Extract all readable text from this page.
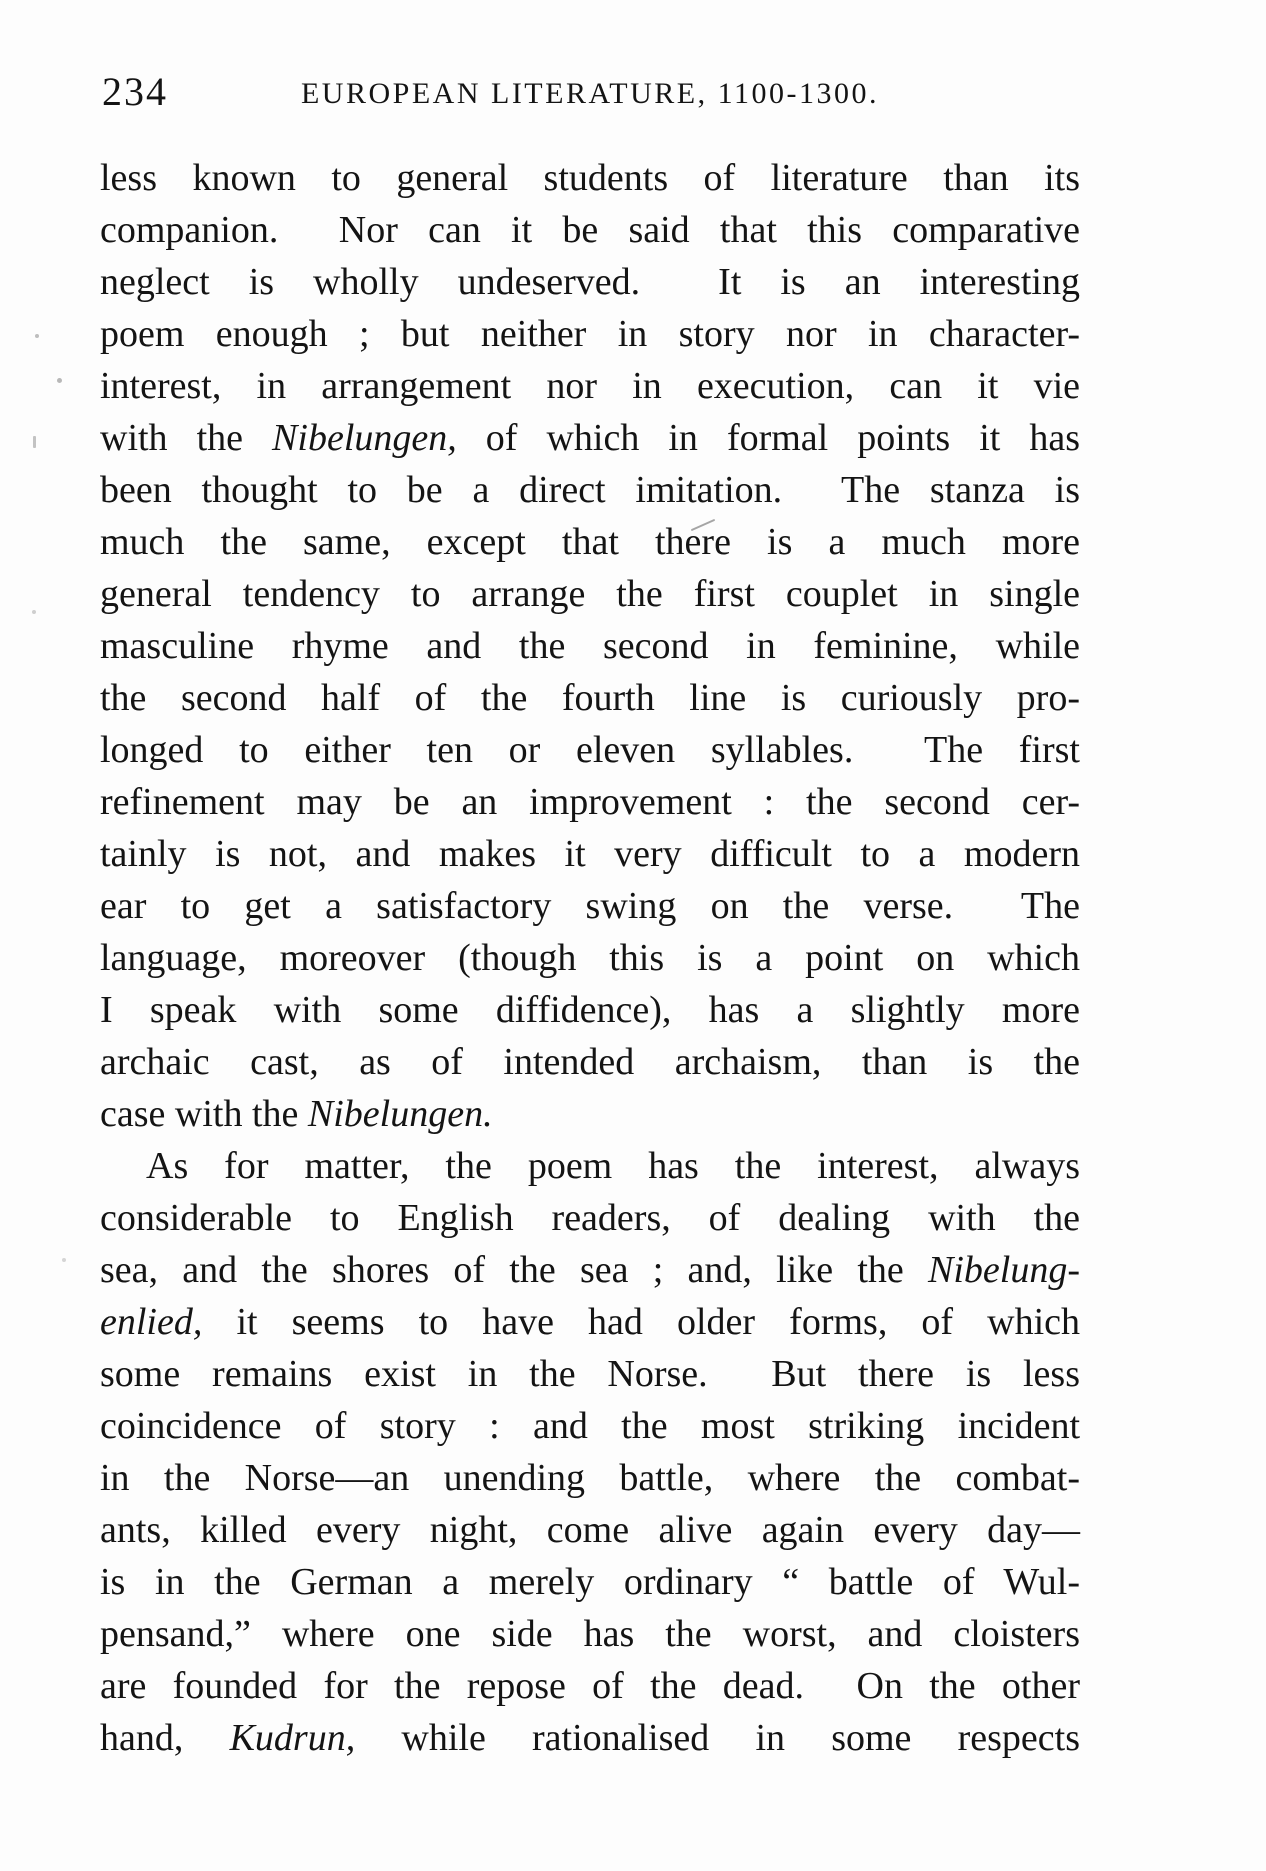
234	EUROPEAN LITERATURE, 1100-1300.
less known to general students of literature than its
companion.  Nor can it be said that this comparative
neglect is wholly undeserved.  It is an interesting
poem enough ; but neither in story nor in character-
interest, in arrangement nor in execution, can it vie
with the Nibelungen, of which in formal points it has
been thought to be a direct imitation.  The stanza is
much the same, except that there is a much more
general tendency to arrange the first couplet in single
masculine rhyme and the second in feminine, while
the second half of the fourth line is curiously pro-
longed to either ten or eleven syllables.  The first
refinement may be an improvement : the second cer-
tainly is not, and makes it very difficult to a modern
ear to get a satisfactory swing on the verse.  The
language, moreover (though this is a point on which
I speak with some diffidence), has a slightly more
archaic cast, as of intended archaism, than is the
case with the Nibelungen.
As for matter, the poem has the interest, always
considerable to English readers, of dealing with the
sea, and the shores of the sea ; and, like the Nibelung-
enlied, it seems to have had older forms, of which
some remains exist in the Norse.  But there is less
coincidence of story : and the most striking incident
in the Norse—an unending battle, where the combat-
ants, killed every night, come alive again every day—
is in the German a merely ordinary “ battle of Wul-
pensand,” where one side has the worst, and cloisters
are founded for the repose of the dead.  On the other
hand, Kudrun, while rationalised in some respects
